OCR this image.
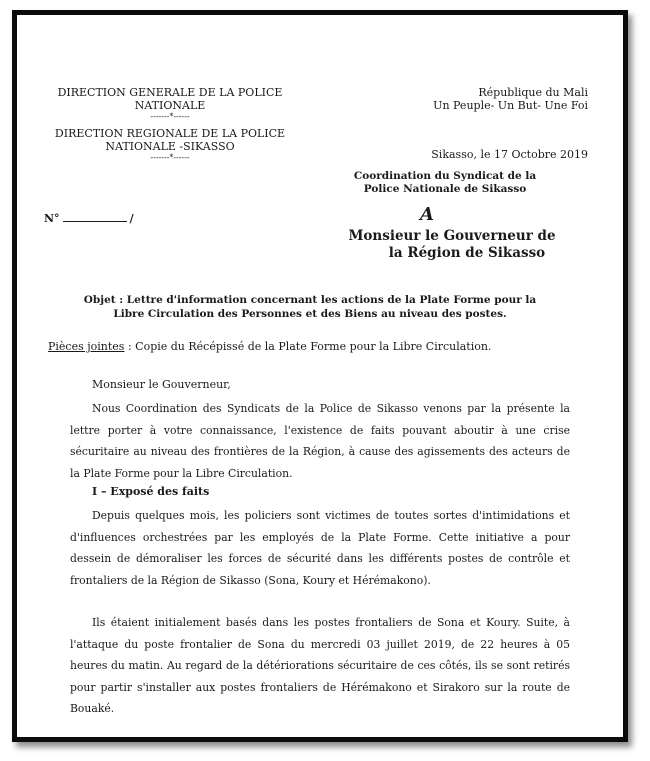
DIRECTION GENERALE DE LA POLICE
NATIONALE
-------*------
DIRECTION REGIONALE DE LA POLICE
NATIONALE -SIKASSO
-------*------
République du Mali
Un Peuple- Un But- Une Foi
Sikasso, le 17 Octobre 2019
N°	/
Coordination du Syndicat de la
Police Nationale de Sikasso
A
Monsieur le Gouverneur de
la Région de Sikasso
Objet : Lettre d'information concernant les actions de la Plate Forme pour la
Libre Circulation des Personnes et des Biens au niveau des postes.
Pièces jointes : Copie du Récépissé de la Plate Forme pour la Libre Circulation.
Monsieur le Gouverneur,
Nous Coordination des Syndicats de la Police de Sikasso venons par la présente la lettre porter à votre connaissance, l'existence de faits pouvant aboutir à une crise sécuritaire au niveau des frontières de la Région, à cause des agissements des acteurs de la Plate Forme pour la Libre Circulation.
I – Exposé des faits
Depuis quelques mois, les policiers sont victimes de toutes sortes d'intimidations et d'influences orchestrées par les employés de la Plate Forme. Cette initiative a pour dessein de démoraliser les forces de sécurité dans les différents postes de contrôle et frontaliers de la Région de Sikasso (Sona, Koury et Hérémakono).
Ils étaient initialement basés dans les postes frontaliers de Sona et Koury. Suite, à l'attaque du poste frontalier de Sona du mercredi 03 juillet 2019, de 22 heures à 05 heures du matin. Au regard de la détériorations sécuritaire de ces côtés, ils se sont retirés pour partir s'installer aux postes frontaliers de Hérémakono et Sirakoro sur la route de Bouaké.
